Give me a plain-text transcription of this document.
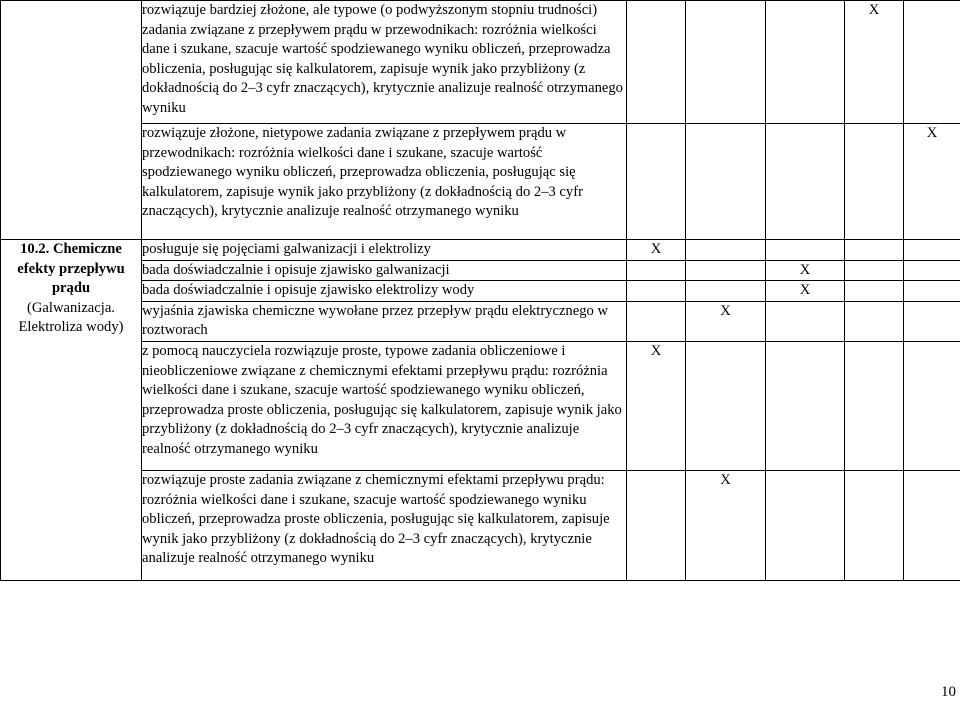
	rozwiązuje bardziej złożone, ale typowe (o podwyższonym stopniu trudności) zadania związane z przepływem prądu w przewodnikach: rozróżnia wielkości dane i szukane, szacuje wartość spodziewanego wyniku obliczeń, przeprowadza obliczenia, posługując się kalkulatorem, zapisuje wynik jako przybliżony (z dokładnością do 2–3 cyfr znaczących), krytycznie analizuje realność otrzymanego wyniku				X	
	rozwiązuje złożone, nietypowe zadania związane z przepływem prądu w przewodnikach: rozróżnia wielkości dane i szukane, szacuje wartość spodziewanego wyniku obliczeń, przeprowadza obliczenia, posługując się kalkulatorem, zapisuje wynik jako przybliżony (z dokładnością do 2–3 cyfr znaczących), krytycznie analizuje realność otrzymanego wyniku					X

10.2. Chemiczne
efekty przepływu
prądu
(Galwanizacja.
Elektroliza wody)	posługuje się pojęciami galwanizacji i elektrolizy	X				
	bada doświadczalnie i opisuje zjawisko galwanizacji			X		
	bada doświadczalnie i opisuje zjawisko elektrolizy wody			X		
	wyjaśnia zjawiska chemiczne wywołane przez przepływ prądu elektrycznego w roztworach		X			
	z pomocą nauczyciela rozwiązuje proste, typowe zadania obliczeniowe i nieobliczeniowe związane z chemicznymi efektami przepływu prądu: rozróżnia wielkości dane i szukane, szacuje wartość spodziewanego wyniku obliczeń, przeprowadza proste obliczenia, posługując się kalkulatorem, zapisuje wynik jako przybliżony (z dokładnością do 2–3 cyfr znaczących), krytycznie analizuje realność otrzymanego wyniku	X				
	rozwiązuje proste zadania związane z chemicznymi efektami przepływu prądu: rozróżnia wielkości dane i szukane, szacuje wartość spodziewanego wyniku obliczeń, przeprowadza proste obliczenia, posługując się kalkulatorem, zapisuje wynik jako przybliżony (z dokładnością do 2–3 cyfr znaczących), krytycznie analizuje realność otrzymanego wyniku		X			
10
